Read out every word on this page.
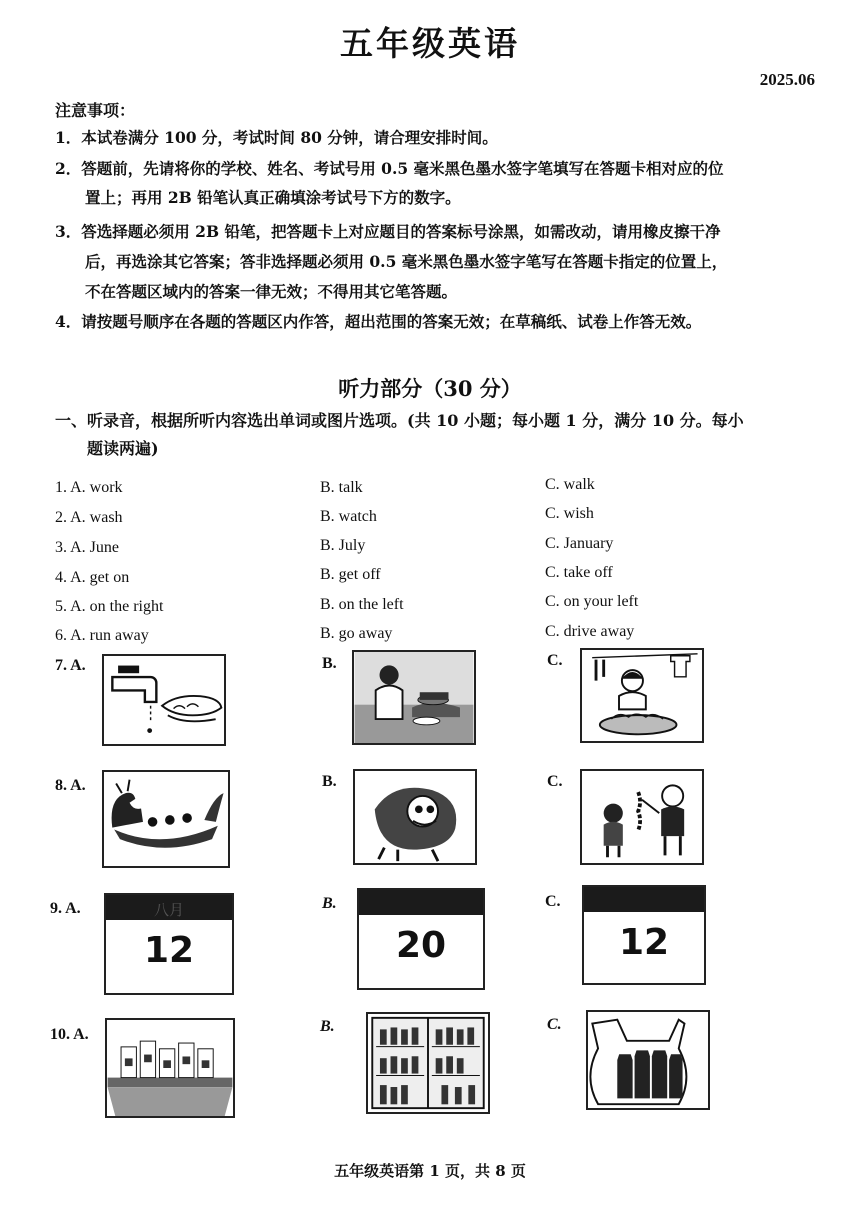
五年级英语
2025.06
注意事项：
1．本试卷满分 100 分，考试时间 80 分钟，请合理安排时间。
2．答题前，先请将你的学校、姓名、考试号用 0.5 毫米黑色墨水签字笔填写在答题卡相对应的位
置上；再用 2B 铅笔认真正确填涂考试号下方的数字。
3．答选择题必须用 2B 铅笔，把答题卡上对应题目的答案标号涂黑，如需改动，请用橡皮擦干净
后，再选涂其它答案；答非选择题必须用 0.5 毫米黑色墨水签字笔写在答题卡指定的位置上，
不在答题区域内的答案一律无效；不得用其它笔答题。
4．请按题号顺序在各题的答题区内作答，超出范围的答案无效；在草稿纸、试卷上作答无效。
听力部分（30 分）
一、听录音，根据所听内容选出单词或图片选项。(共 10 小题；每小题 1 分，满分 10 分。每小
题读两遍)
1. A. work	B. talk	C. walk
2. A. wash	B. watch	C. wish
3. A. June	B. July	C. January
4. A. get on	B. get off	C. take off
5. A. on the right	B. on the left	C. on your left
6. A. run away	B. go away	C. drive away
7. A.	B.	C.
8. A.	B.	C.
9. A.	八月
12
B.
20
C.
12
10. A.	B.	C.
五年级英语第 1 页，共 8 页
